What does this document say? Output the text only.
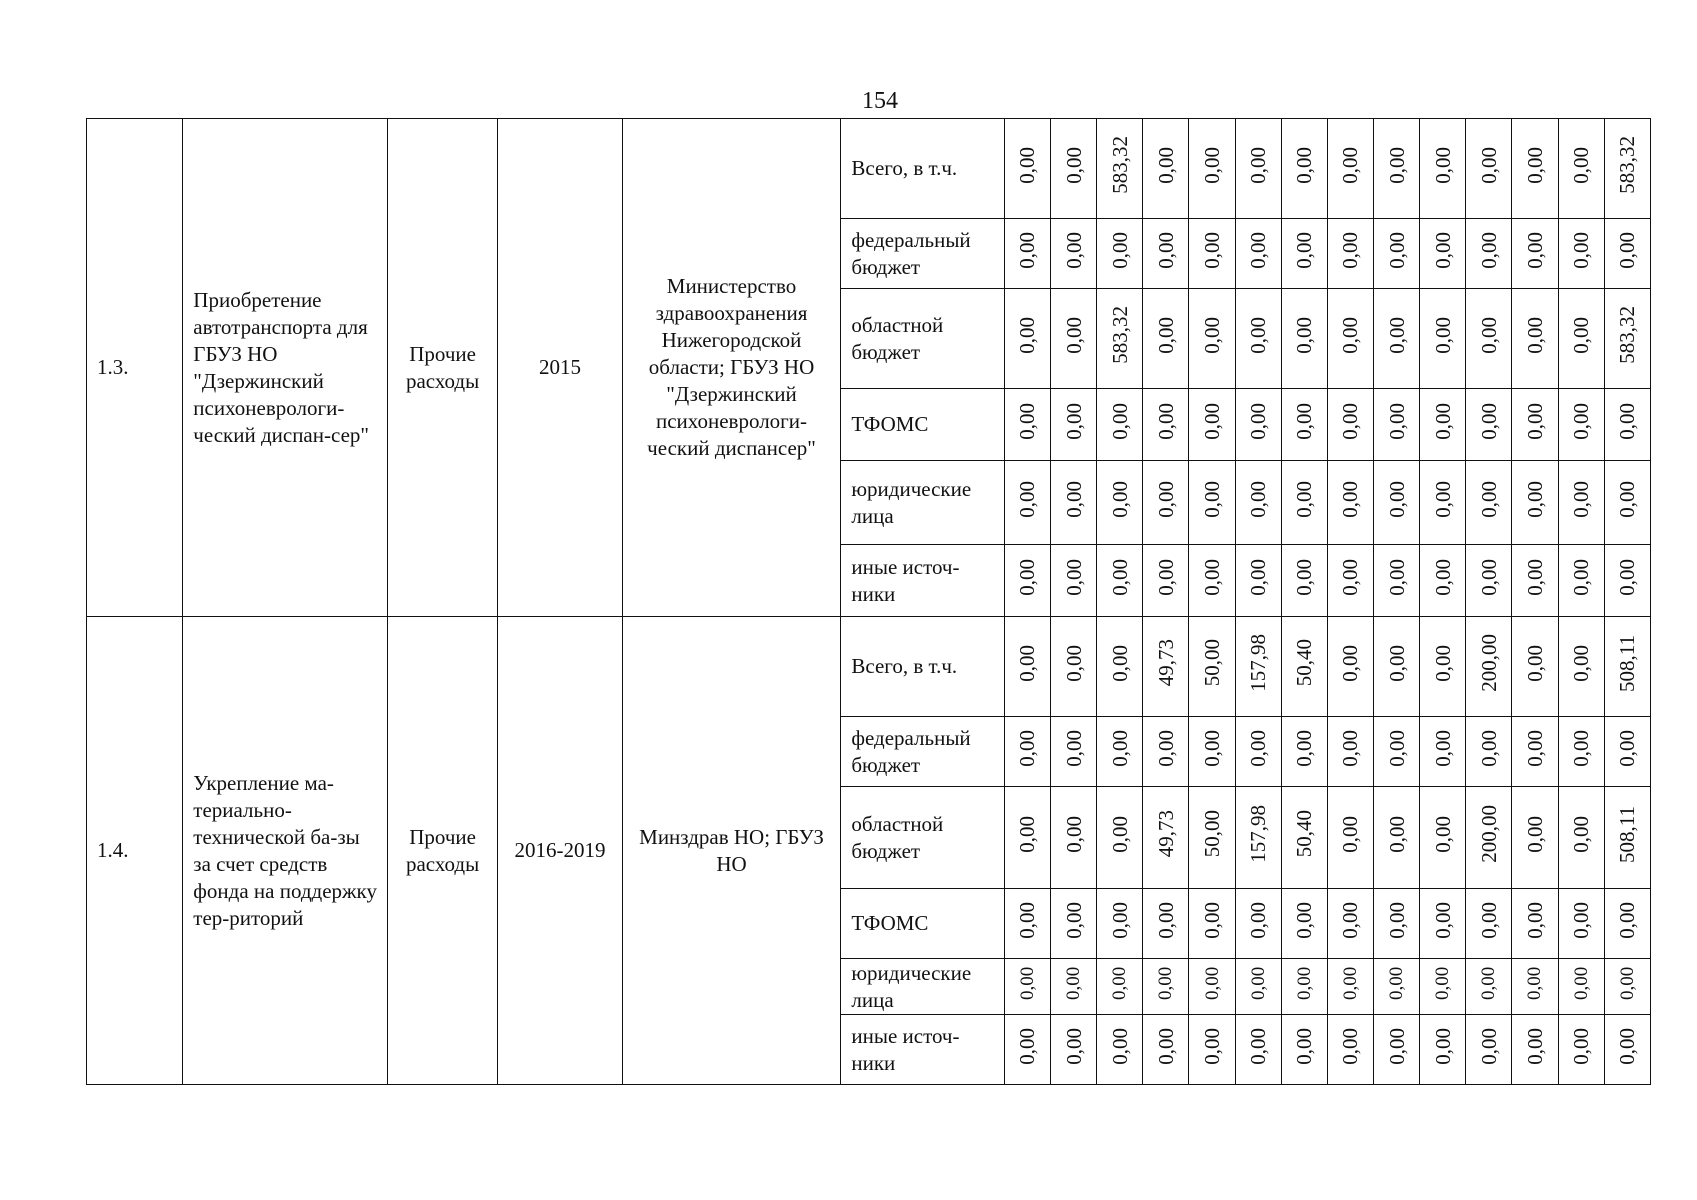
154
1.3.	Приобретение автотранспорта для ГБУЗ НО "Дзержинский психоневрологи-ческий диспан-сер"	Прочие расходы	2015	Министерство здравоохранения Нижегородской области; ГБУЗ НО "Дзержинский психоневрологи-ческий диспансер"	Всего, в т.ч.	0,00	0,00	583,32	0,00	0,00	0,00	0,00	0,00	0,00	0,00	0,00	0,00	0,00	583,32
					федеральный бюджет	0,00	0,00	0,00	0,00	0,00	0,00	0,00	0,00	0,00	0,00	0,00	0,00	0,00	0,00
					областной бюджет	0,00	0,00	583,32	0,00	0,00	0,00	0,00	0,00	0,00	0,00	0,00	0,00	0,00	583,32
					ТФОМС	0,00	0,00	0,00	0,00	0,00	0,00	0,00	0,00	0,00	0,00	0,00	0,00	0,00	0,00
					юридические лица	0,00	0,00	0,00	0,00	0,00	0,00	0,00	0,00	0,00	0,00	0,00	0,00	0,00	0,00
					иные источ-ники	0,00	0,00	0,00	0,00	0,00	0,00	0,00	0,00	0,00	0,00	0,00	0,00	0,00	0,00
1.4.	Укрепление ма-териально-технической ба-зы за счет средств фонда на поддержку тер-риторий	Прочие расходы	2016-2019	Минздрав НО; ГБУЗ НО	Всего, в т.ч.	0,00	0,00	0,00	49,73	50,00	157,98	50,40	0,00	0,00	0,00	200,00	0,00	0,00	508,11
					федеральный бюджет	0,00	0,00	0,00	0,00	0,00	0,00	0,00	0,00	0,00	0,00	0,00	0,00	0,00	0,00
					областной бюджет	0,00	0,00	0,00	49,73	50,00	157,98	50,40	0,00	0,00	0,00	200,00	0,00	0,00	508,11
					ТФОМС	0,00	0,00	0,00	0,00	0,00	0,00	0,00	0,00	0,00	0,00	0,00	0,00	0,00	0,00
					юридические лица	0,00	0,00	0,00	0,00	0,00	0,00	0,00	0,00	0,00	0,00	0,00	0,00	0,00	0,00
					иные источ-ники	0,00	0,00	0,00	0,00	0,00	0,00	0,00	0,00	0,00	0,00	0,00	0,00	0,00	0,00
